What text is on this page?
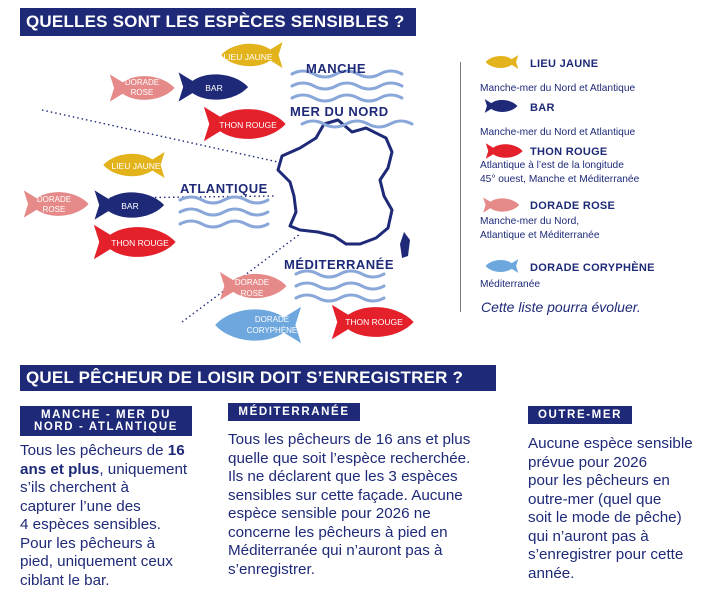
QUELLES SONT LES ESPÈCES SENSIBLES ?
MANCHE
MER DU NORD
ATLANTIQUE
MÉDITERRANÉE
DORADE ROSE
LIEU JAUNE
BAR
THON ROUGE
LIEU JAUNE
DORADE ROSE	BAR
THON ROUGE
DORADE ROSE
DORADE CORYPHÈNE
THON ROUGE
LIEU JAUNE
Manche-mer du Nord et Atlantique
BAR
Manche-mer du Nord et Atlantique
THON ROUGE
Atlantique à l’est de la longitude
45° ouest, Manche et Méditerranée
DORADE ROSE
Manche-mer du Nord,
Atlantique et Méditerranée
DORADE CORYPHÈNE
Méditerranée
Cette liste pourra évoluer.
QUEL PÊCHEUR DE LOISIR DOIT S’ENREGISTRER ?
MANCHE - MER DU
NORD - ATLANTIQUE
Tous les pêcheurs de 16
ans et plus, uniquement
s’ils cherchent à
capturer l’une des
4 espèces sensibles.
Pour les pêcheurs à
pied, uniquement ceux
ciblant le bar.
MÉDITERRANÉE
Tous les pêcheurs de 16 ans et plus
quelle que soit l’espèce recherchée.
Ils ne déclarent que les 3 espèces
sensibles sur cette façade. Aucune
espèce sensible pour 2026 ne
concerne les pêcheurs à pied en
Méditerranée qui n’auront pas à
s’enregistrer.
OUTRE-MER
Aucune espèce sensible
prévue pour 2026
pour les pêcheurs en
outre-mer (quel que
soit le mode de pêche)
qui n’auront pas à
s’enregistrer pour cette
année.
